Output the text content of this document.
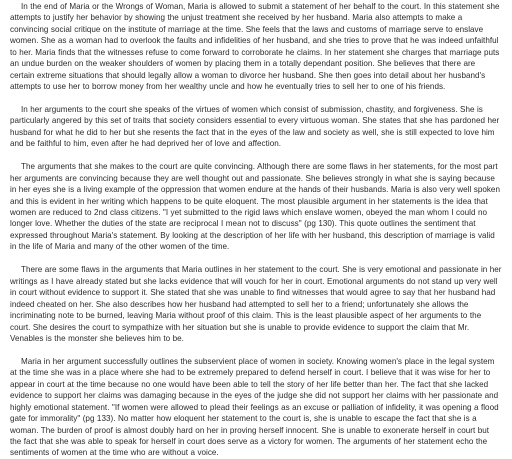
In the end of Maria or the Wrongs of Woman, Maria is allowed to submit a statement of her behalf to the court. In this statement she attempts to justify her behavior by showing the unjust treatment she received by her husband. Maria also attempts to make a convincing social critique on the institute of marriage at the time. She feels that the laws and customs of marriage serve to enslave women. She as a woman had to overlook the faults and infidelities of her husband, and she tries to prove that he was indeed unfaithful to her. Maria finds that the witnesses refuse to come forward to corroborate he claims. In her statement she charges that marriage puts an undue burden on the weaker shoulders of women by placing them in a totally dependant position. She believes that there are certain extreme situations that should legally allow a woman to divorce her husband. She then goes into detail about her husband's attempts to use her to borrow money from her wealthy uncle and how he eventually tries to sell her to one of his friends.

In her arguments to the court she speaks of the virtues of women which consist of submission, chastity, and forgiveness. She is particularly angered by this set of traits that society considers essential to every virtuous woman. She states that she has pardoned her husband for what he did to her but she resents the fact that in the eyes of the law and society as well, she is still expected to love him and be faithful to him, even after he had deprived her of love and affection.

The arguments that she makes to the court are quite convincing. Although there are some flaws in her statements, for the most part her arguments are convincing because they are well thought out and passionate. She believes strongly in what she is saying because in her eyes she is a living example of the oppression that women endure at the hands of their husbands. Maria is also very well spoken and this is evident in her writing which happens to be quite eloquent. The most plausible argument in her statements is the idea that women are reduced to 2nd class citizens. "I yet submitted to the rigid laws which enslave women, obeyed the man whom I could no longer love. Whether the duties of the state are reciprocal I mean not to discuss" (pg 130). This quote outlines the sentiment that expressed throughout Maria's statement. By looking at the description of her life with her husband, this description of marriage is valid in the life of Maria and many of the other women of the time.

There are some flaws in the arguments that Maria outlines in her statement to the court. She is very emotional and passionate in her writings as I have already stated but she lacks evidence that will vouch for her in court. Emotional arguments do not stand up very well in court without evidence to support it. She stated that she was unable to find witnesses that would agree to say that her husband had indeed cheated on her. She also describes how her husband had attempted to sell her to a friend; unfortunately she allows the incriminating note to be burned, leaving Maria without proof of this claim. This is the least plausible aspect of her arguments to the court. She desires the court to sympathize with her situation but she is unable to provide evidence to support the claim that Mr. Venables is the monster she believes him to be.

Maria in her argument successfully outlines the subservient place of women in society. Knowing women's place in the legal system at the time she was in a place where she had to be extremely prepared to defend herself in court. I believe that it was wise for her to appear in court at the time because no one would have been able to tell the story of her life better than her. The fact that she lacked evidence to support her claims was damaging because in the eyes of the judge she did not support her claims with her passionate and highly emotional statement. "If women were allowed to plead their feelings as an excuse or palliation of infidelity, it was opening a flood gate for immorality" (pg 133). No matter how eloquent her statement to the court is, she is unable to escape the fact that she is a woman. The burden of proof is almost doubly hard on her in proving herself innocent. She is unable to exonerate herself in court but the fact that she was able to speak for herself in court does serve as a victory for women. The arguments of her statement echo the sentiments of women at the time who are without a voice.
